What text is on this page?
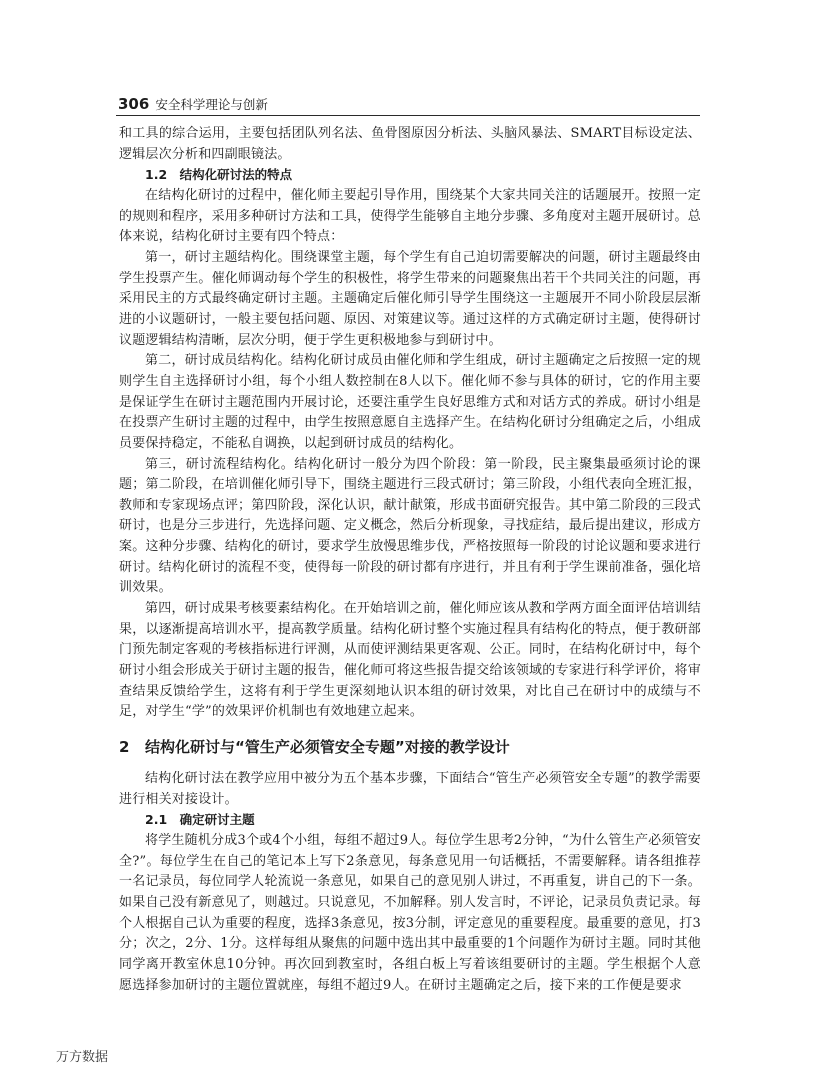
306 安全科学理论与创新

和工具的综合运用，主要包括团队列名法、鱼骨图原因分析法、头脑风暴法、SMART目标设定法、逻辑层次分析和四副眼镜法。

1.2　结构化研讨法的特点

在结构化研讨的过程中，催化师主要起引导作用，围绕某个大家共同关注的话题展开。按照一定的规则和程序，采用多种研讨方法和工具，使得学生能够自主地分步骤、多角度对主题开展研讨。总体来说，结构化研讨主要有四个特点：

第一，研讨主题结构化。围绕课堂主题，每个学生有自己迫切需要解决的问题，研讨主题最终由学生投票产生。催化师调动每个学生的积极性，将学生带来的问题聚焦出若干个共同关注的问题，再采用民主的方式最终确定研讨主题。主题确定后催化师引导学生围绕这一主题展开不同小阶段层层渐进的小议题研讨，一般主要包括问题、原因、对策建议等。通过这样的方式确定研讨主题，使得研讨议题逻辑结构清晰，层次分明，便于学生更积极地参与到研讨中。

第二，研讨成员结构化。结构化研讨成员由催化师和学生组成，研讨主题确定之后按照一定的规则学生自主选择研讨小组，每个小组人数控制在8人以下。催化师不参与具体的研讨，它的作用主要是保证学生在研讨主题范围内开展讨论，还要注重学生良好思维方式和对话方式的养成。研讨小组是在投票产生研讨主题的过程中，由学生按照意愿自主选择产生。在结构化研讨分组确定之后，小组成员要保持稳定，不能私自调换，以起到研讨成员的结构化。

第三，研讨流程结构化。结构化研讨一般分为四个阶段：第一阶段，民主聚集最亟须讨论的课题；第二阶段，在培训催化师引导下，围绕主题进行三段式研讨；第三阶段，小组代表向全班汇报，教师和专家现场点评；第四阶段，深化认识，献计献策，形成书面研究报告。其中第二阶段的三段式研讨，也是分三步进行，先选择问题、定义概念，然后分析现象，寻找症结，最后提出建议，形成方案。这种分步骤、结构化的研讨，要求学生放慢思维步伐，严格按照每一阶段的讨论议题和要求进行研讨。结构化研讨的流程不变，使得每一阶段的研讨都有序进行，并且有利于学生课前准备，强化培训效果。

第四，研讨成果考核要素结构化。在开始培训之前，催化师应该从教和学两方面全面评估培训结果，以逐渐提高培训水平，提高教学质量。结构化研讨整个实施过程具有结构化的特点，便于教研部门预先制定客观的考核指标进行评测，从而使评测结果更客观、公正。同时，在结构化研讨中，每个研讨小组会形成关于研讨主题的报告，催化师可将这些报告提交给该领域的专家进行科学评价，将审查结果反馈给学生，这将有利于学生更深刻地认识本组的研讨效果，对比自己在研讨中的成绩与不足，对学生“学”的效果评价机制也有效地建立起来。

2 结构化研讨与“管生产必须管安全专题”对接的教学设计

结构化研讨法在教学应用中被分为五个基本步骤，下面结合“管生产必须管安全专题”的教学需要进行相关对接设计。

2.1　确定研讨主题

将学生随机分成3个或4个小组，每组不超过9人。每位学生思考2分钟，“为什么管生产必须管安全?”。每位学生在自己的笔记本上写下2条意见，每条意见用一句话概括，不需要解释。请各组推荐一名记录员，每位同学人轮流说一条意见，如果自己的意见别人讲过，不再重复，讲自己的下一条。如果自己没有新意见了，则越过。只说意见，不加解释。别人发言时，不评论，记录员负责记录。每个人根据自己认为重要的程度，选择3条意见，按3分制，评定意见的重要程度。最重要的意见，打3分；次之，2分、1分。这样每组从聚焦的问题中选出其中最重要的1个问题作为研讨主题。同时其他同学离开教室休息10分钟。再次回到教室时，各组白板上写着该组要研讨的主题。学生根据个人意愿选择参加研讨的主题位置就座，每组不超过9人。在研讨主题确定之后，接下来的工作便是要求

万方数据
